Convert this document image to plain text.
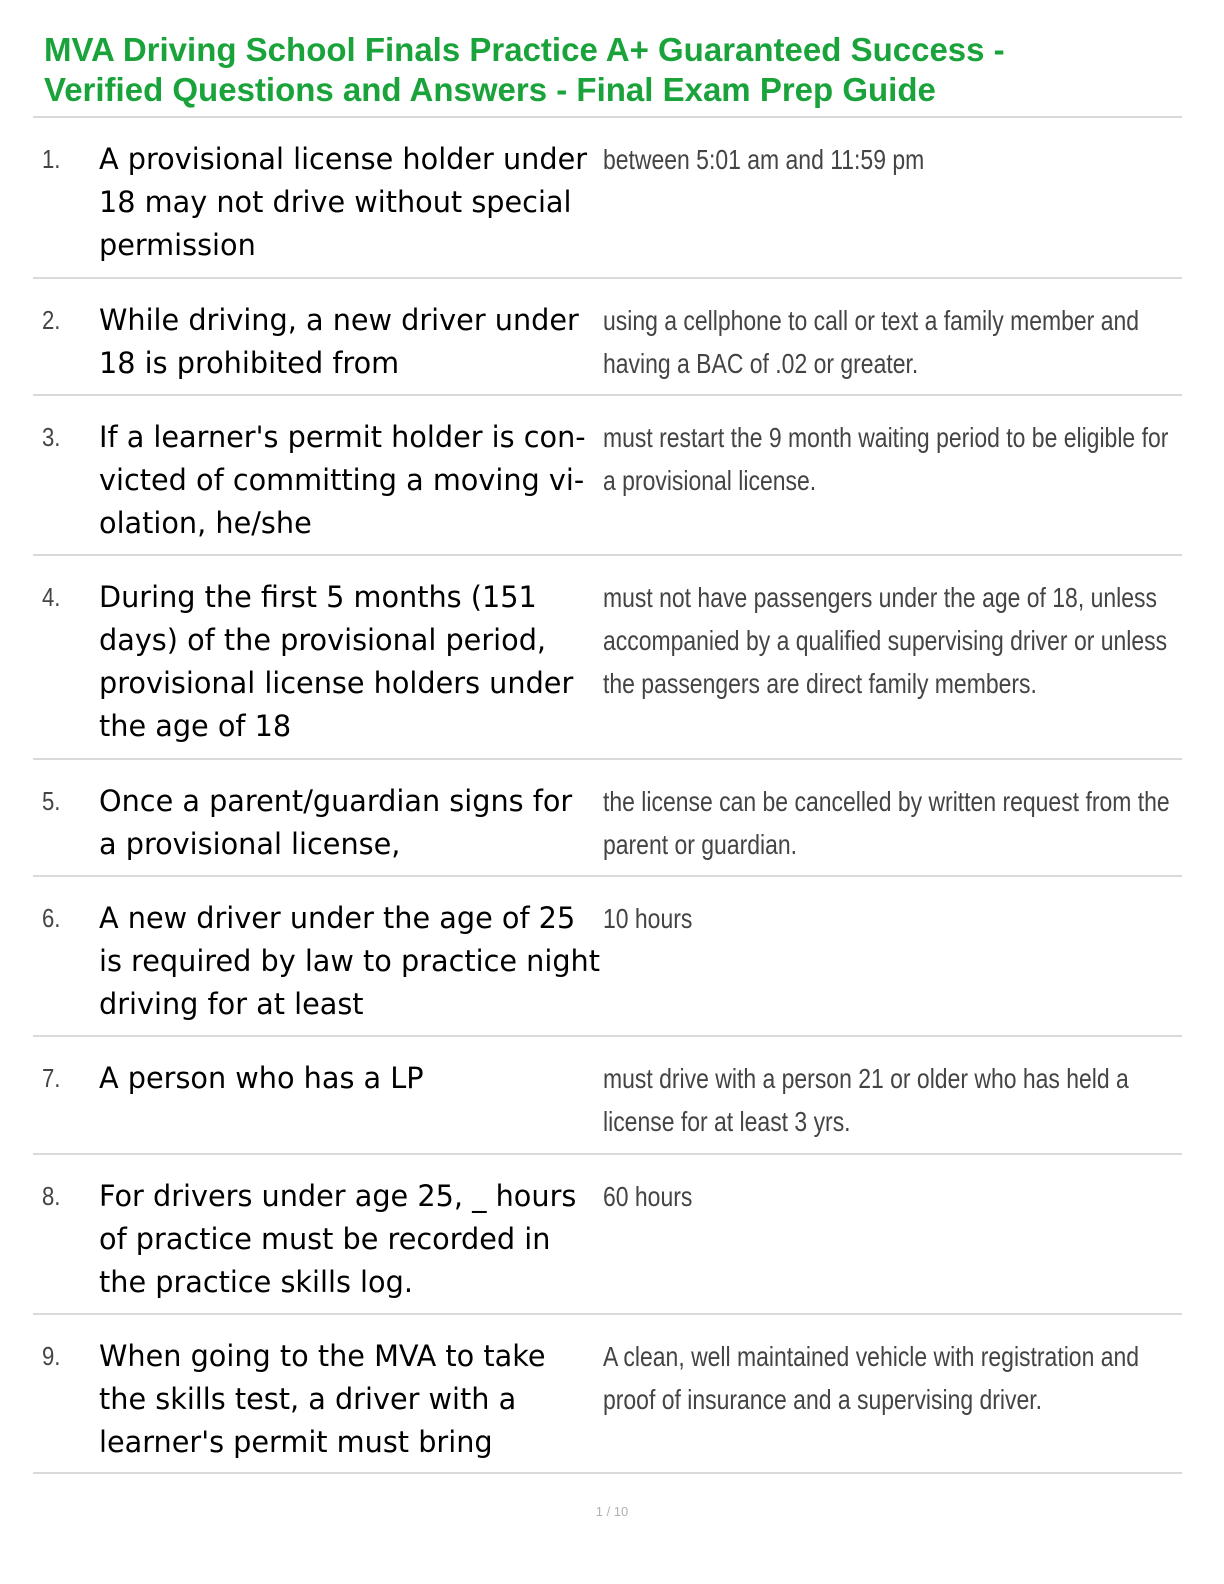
MVA Driving School Finals Practice A+ Guaranteed Success -
Verified Questions and Answers - Final Exam Prep Guide
1. A provisional license holder under
18 may not drive without special
permission
between 5:01 am and 11:59 pm
2. While driving, a new driver under
18 is prohibited from
using a cellphone to call or text a family member and
having a BAC of .02 or greater.
3. If a learner's permit holder is con-
victed of committing a moving vi-
olation, he/she
must restart the 9 month waiting period to be eligible for
a provisional license.
4. During the first 5 months (151
days) of the provisional period,
provisional license holders under
the age of 18
must not have passengers under the age of 18, unless
accompanied by a qualified supervising driver or unless
the passengers are direct family members.
5. Once a parent/guardian signs for
a provisional license,
the license can be cancelled by written request from the
parent or guardian.
6. A new driver under the age of 25
is required by law to practice night
driving for at least
10 hours
7. A person who has a LP	must drive with a person 21 or older who has held a
license for at least 3 yrs.
8. For drivers under age 25, _ hours
of practice must be recorded in
the practice skills log.
60 hours
9. When going to the MVA to take
the skills test, a driver with a
learner's permit must bring
A clean, well maintained vehicle with registration and
proof of insurance and a supervising driver.
1 / 10
